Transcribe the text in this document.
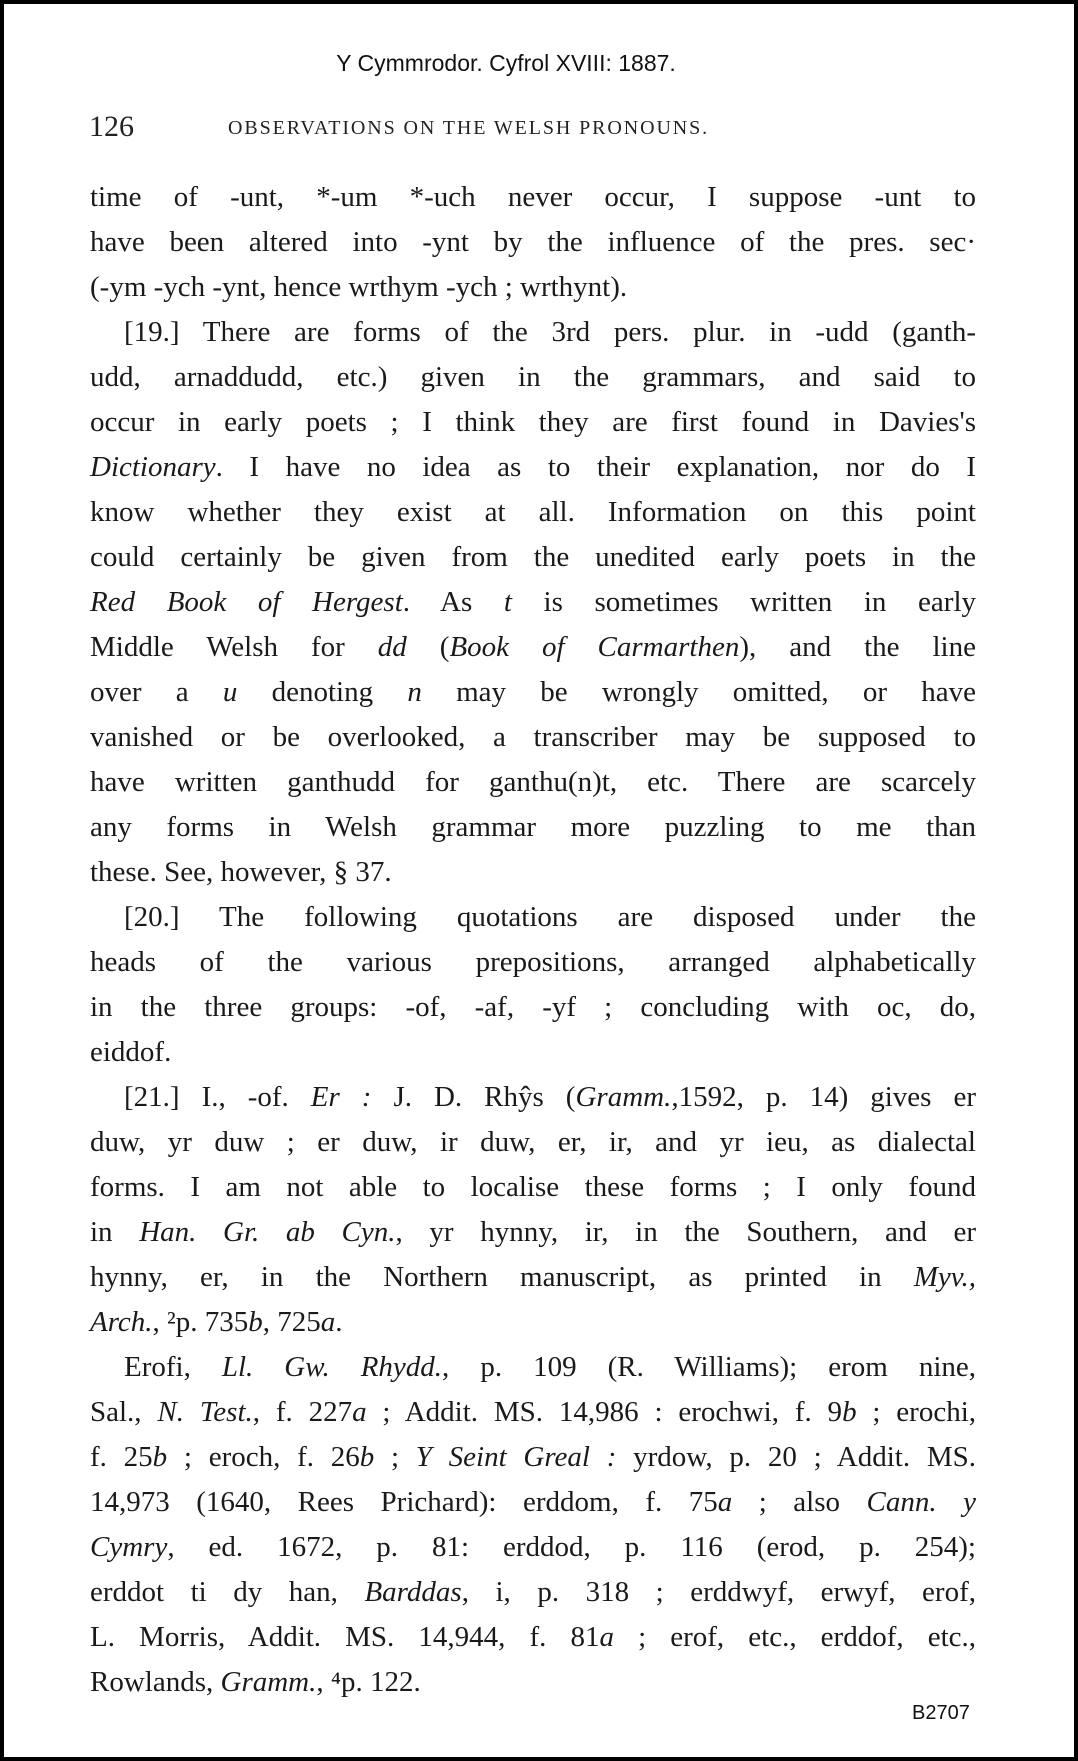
Y Cymmrodor. Cyfrol XVIII: 1887.
126	OBSERVATIONS ON THE WELSH PRONOUNS.
time of -unt, *-um *-uch never occur, I suppose -unt to
have been altered into -ynt by the influence of the pres. sec·
(-ym -ych -ynt, hence wrthym -ych ; wrthynt).
[19.] There are forms of the 3rd pers. plur. in -udd (ganth-
udd, arnaddudd, etc.) given in the grammars, and said to
occur in early poets ; I think they are first found in Davies's
Dictionary. I have no idea as to their explanation, nor do I
know whether they exist at all. Information on this point
could certainly be given from the unedited early poets in the
Red Book of Hergest. As t is sometimes written in early
Middle Welsh for dd (Book of Carmarthen), and the line
over a u denoting n may be wrongly omitted, or have
vanished or be overlooked, a transcriber may be supposed to
have written ganthudd for ganthu(n)t, etc. There are scarcely
any forms in Welsh grammar more puzzling to me than
these. See, however, § 37.
[20.] The following quotations are disposed under the
heads of the various prepositions, arranged alphabetically
in the three groups: -of, -af, -yf ; concluding with oc, do,
eiddof.
[21.] I., -of. Er : J. D. Rhŷs (Gramm.,1592, p. 14) gives er
duw, yr duw ; er duw, ir duw, er, ir, and yr ieu, as dialectal
forms. I am not able to localise these forms ; I only found
in Han. Gr. ab Cyn., yr hynny, ir, in the Southern, and er
hynny, er, in the Northern manuscript, as printed in Myv.,
Arch., ²p. 735b, 725a.
Erofi, Ll. Gw. Rhydd., p. 109 (R. Williams); erom nine,
Sal., N. Test., f. 227a ; Addit. MS. 14,986 : erochwi, f. 9b ; erochi,
f. 25b ; eroch, f. 26b ; Y Seint Greal : yrdow, p. 20 ; Addit. MS.
14,973 (1640, Rees Prichard): erddom, f. 75a ; also Cann. y
Cymry, ed. 1672, p. 81: erddod, p. 116 (erod, p. 254);
erddot ti dy han, Barddas, i, p. 318 ; erddwyf, erwyf, erof,
L. Morris, Addit. MS. 14,944, f. 81a ; erof, etc., erddof, etc.,
Rowlands, Gramm., ⁴p. 122.
B2707
